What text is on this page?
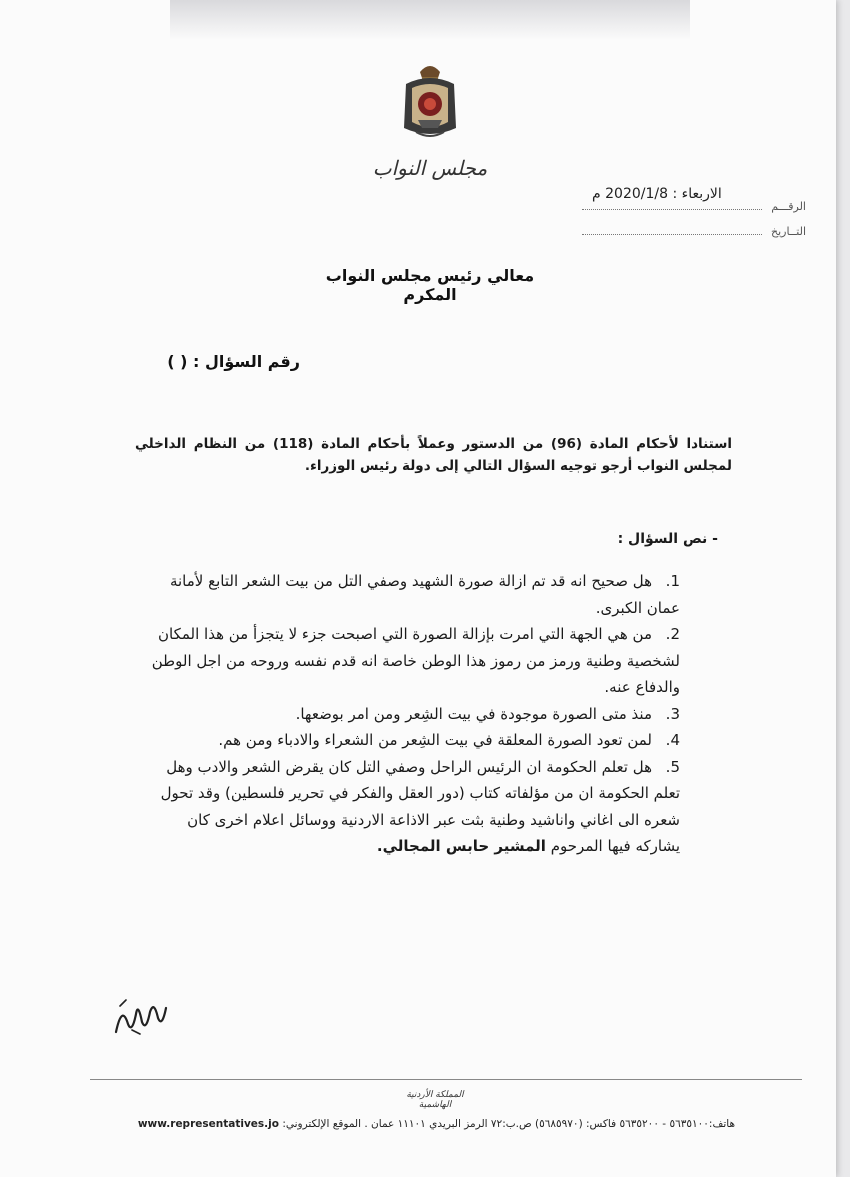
مجلس النواب
الاربعاء : 2020/1/8 م
الرقـــم
التــاريخ
معالي رئيس مجلس النواب المكرم
رقم السؤال : ( )
استنادا لأحكام المادة (96) من الدستور وعملاً بأحكام المادة (118) من النظام الداخلي لمجلس النواب أرجو توجيه السؤال التالي إلى دولة رئيس الوزراء.
- نص السؤال :

1.هل صحيح انه قد تم ازالة صورة الشهيد وصفي التل من بيت الشعر التابع لأمانة عمان الكبرى.

2.من هي الجهة التي امرت بإزالة الصورة التي اصبحت جزء لا يتجزأ من هذا المكان لشخصية وطنية ورمز من رموز هذا الوطن خاصة انه قدم نفسه وروحه من اجل الوطن والدفاع عنه.

3.منذ متى الصورة موجودة في بيت الشِعر ومن امر بوضعها.

4.لمن تعود الصورة المعلقة في بيت الشِعر من الشعراء والادباء ومن هم.

5.هل تعلم الحكومة ان الرئيس الراحل وصفي التل كان يقرض الشعر والادب وهل تعلم الحكومة ان من مؤلفاته كتاب (دور العقل والفكر في تحرير فلسطين) وقد تحول شعره الى اغاني واناشيد وطنية بثت عبر الاذاعة الاردنية ووسائل اعلام اخرى كان يشاركه فيها المرحوم المشير حابس المجالي.

المملكة الأردنية الهاشمية
هاتف:٥٦٣٥١٠٠ - ٥٦٣٥٢٠٠ فاكس: (٥٦٨٥٩٧٠) ص.ب:٧٢ الرمز البريدي ١١١٠١ عمان . الموقع الإلكتروني: www.representatives.jo
